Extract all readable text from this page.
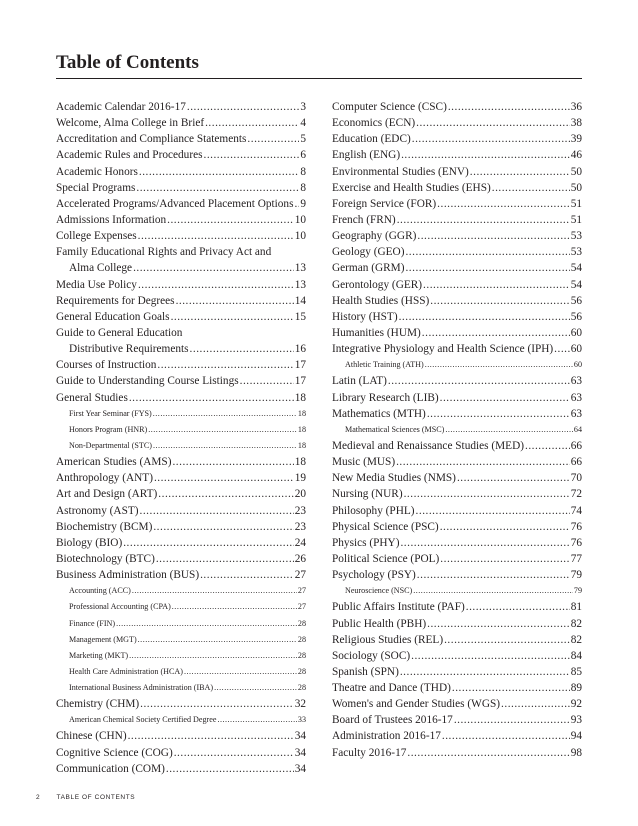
Table of Contents
Academic Calendar 2016-17 .....	3
Welcome, Alma College in Brief .....	4
Accreditation and Compliance Statements .....	5
Academic Rules and Procedures .....	6
Academic Honors .....	8
Special Programs .....	8
Accelerated Programs/Advanced Placement Options ..... 9
Admissions Information .....	10
College Expenses .....	10
Family Educational Rights and Privacy Act and
Alma College .....	13
Media Use Policy .....	13
Requirements for Degrees .....	14
General Education Goals .....	15
Guide to General Education
Distributive Requirements .....	16
Courses of Instruction .....	17
Guide to Understanding Course Listings .....	17
General Studies .....	18
First Year Seminar (FYS) .....	18
Honors Program (HNR) .....	18
Non-Departmental (STC) .....	18
American Studies (AMS) .....	18
Anthropology (ANT) .....	19
Art and Design (ART) .....	20
Astronomy (AST) .....	23
Biochemistry (BCM) .....	23
Biology (BIO) .....	24
Biotechnology (BTC) .....	26
Business Administration (BUS) .....	27
Accounting (ACC) .....	27
Professional Accounting (CPA) .....	27
Finance (FIN) .....	28
Management (MGT) .....	28
Marketing (MKT) .....	28
Health Care Administration (HCA) .....	28
International Business Administration (IBA) .....	28
Chemistry (CHM) .....	32
American Chemical Society Certified Degree .....	33
Chinese (CHN) .....	34
Cognitive Science (COG) .....	34
Communication (COM) .....	34
Computer Science (CSC) .....	36
Economics (ECN) .....	38
Education (EDC) .....	39
English (ENG) .....	46
Environmental Studies (ENV) .....	50
Exercise and Health Studies (EHS) .....	50
Foreign Service (FOR) .....	51
French (FRN) .....	51
Geography (GGR) .....	53
Geology (GEO) .....	53
German (GRM) .....	54
Gerontology (GER) .....	54
Health Studies (HSS) .....	56
History (HST) .....	56
Humanities (HUM) .....	60
Integrative Physiology and Health Science (IPH) ..... 60
Athletic Training (ATH) .....	60
Latin (LAT) .....	63
Library Research (LIB) .....	63
Mathematics (MTH) .....	63
Mathematical Sciences (MSC) .....	64
Medieval and Renaissance Studies (MED) .....	66
Music (MUS) .....	66
New Media Studies (NMS) .....	70
Nursing (NUR) .....	72
Philosophy (PHL) .....	74
Physical Science (PSC) .....	76
Physics (PHY) .....	76
Political Science (POL) .....	77
Psychology (PSY) .....	79
Neuroscience (NSC) .....	79
Public Affairs Institute (PAF) .....	81
Public Health (PBH) .....	82
Religious Studies (REL) .....	82
Sociology (SOC) .....	84
Spanish (SPN) .....	85
Theatre and Dance (THD) .....	89
Women's and Gender Studies (WGS) .....	92
Board of Trustees 2016-17 .....	93
Administration 2016-17 .....	94
Faculty 2016-17 .....	98
2	TABLE OF CONTENTS
